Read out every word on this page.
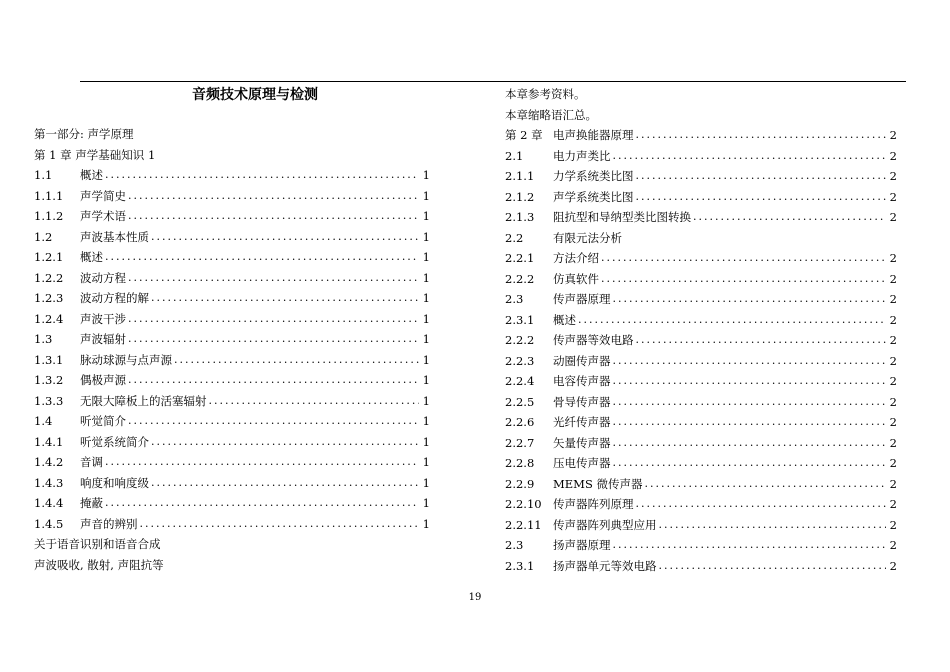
音频技术原理与检测
第一部分: 声学原理
第 1 章 声学基础知识 1
1.1	概述 .....	1
1.1.1	声学简史 .....	1
1.1.2	声学术语 .....	1
1.2	声波基本性质 .....	1
1.2.1	概述 .....	1
1.2.2	波动方程 .....	1
1.2.3	波动方程的解 .....	1
1.2.4	声波干涉 .....	1
1.3	声波辐射 .....	1
1.3.1	脉动球源与点声源 .....	1
1.3.2	偶极声源 .....	1
1.3.3	无限大障板上的活塞辐射 .....	1
1.4	听觉简介 .....	1
1.4.1	听觉系统简介 .....	1
1.4.2	音调 .....	1
1.4.3	响度和响度级 .....	1
1.4.4	掩蔽 .....	1
1.4.5	声音的辨别 .....	1
关于语音识别和语音合成
声波吸收, 散射, 声阻抗等
本章参考资料。
本章缩略语汇总。
第 2 章 电声换能器原理 .....	2
2.1	电力声类比 .....	2
2.1.1	力学系统类比图 .....	2
2.1.2	声学系统类比图 .....	2
2.1.3	阻抗型和导纳型类比图转换 .....	2
2.2	有限元法分析
2.2.1	方法介绍 .....	2
2.2.2	仿真软件 .....	2
2.3	传声器原理 .....	2
2.3.1	概述 .....	2
2.2.2	传声器等效电路 .....	2
2.2.3	动圈传声器 .....	2
2.2.4	电容传声器 .....	2
2.2.5	骨导传声器 .....	2
2.2.6	光纤传声器 .....	2
2.2.7	矢量传声器 .....	2
2.2.8	压电传声器 .....	2
2.2.9	MEMS 微传声器 .....	2
2.2.10 传声器阵列原理 .....	2
2.2.11 传声器阵列典型应用 .....	2
2.3	扬声器原理 .....	2
2.3.1	扬声器单元等效电路 .....	2
19
